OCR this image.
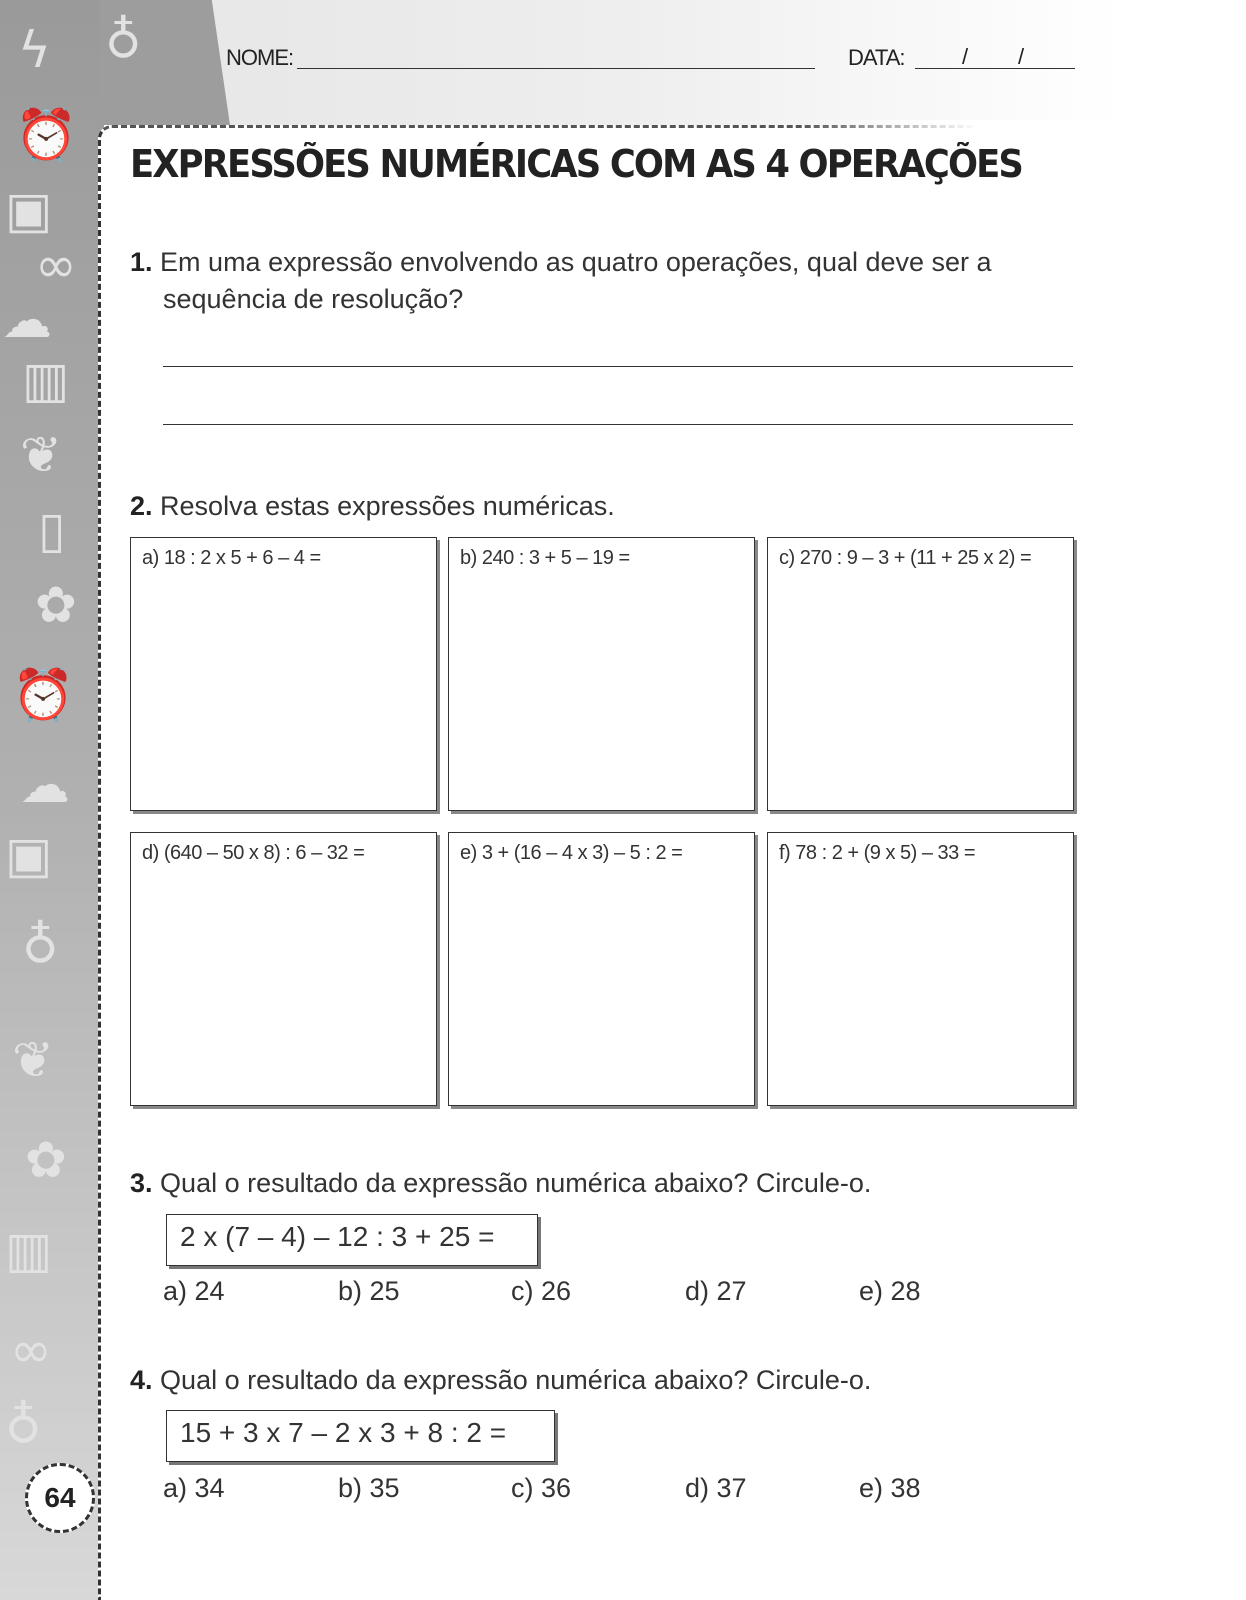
ϟ ♁
⏰
▣
∞
☁
▥
❦
▯
✿
⏰
☁
▣
♁
❦
✿
▥
∞
♁
NOME:	DATA:	/ /
EXPRESSÕES NUMÉRICAS COM AS 4 OPERAÇÕES
1. Em uma expressão envolvendo as quatro operações, qual deve ser a
sequência de resolução?
2. Resolva estas expressões numéricas.
a) 18 : 2 x 5 + 6 – 4 =	b) 240 : 3 + 5 – 19 =	c) 270 : 9 – 3 + (11 + 25 x 2) =
d) (640 – 50 x 8) : 6 – 32 =	e) 3 + (16 – 4 x 3) – 5 : 2 =	f) 78 : 2 + (9 x 5) – 33 =
3. Qual o resultado da expressão numérica abaixo? Circule-o.
2 x (7 – 4) – 12 : 3 + 25 =
a) 24	b) 25	c) 26	d) 27	e) 28
4. Qual o resultado da expressão numérica abaixo? Circule-o.
15 + 3 x 7 – 2 x 3 + 8 : 2 =
a) 34	b) 35	c) 36	d) 37	e) 38
64
